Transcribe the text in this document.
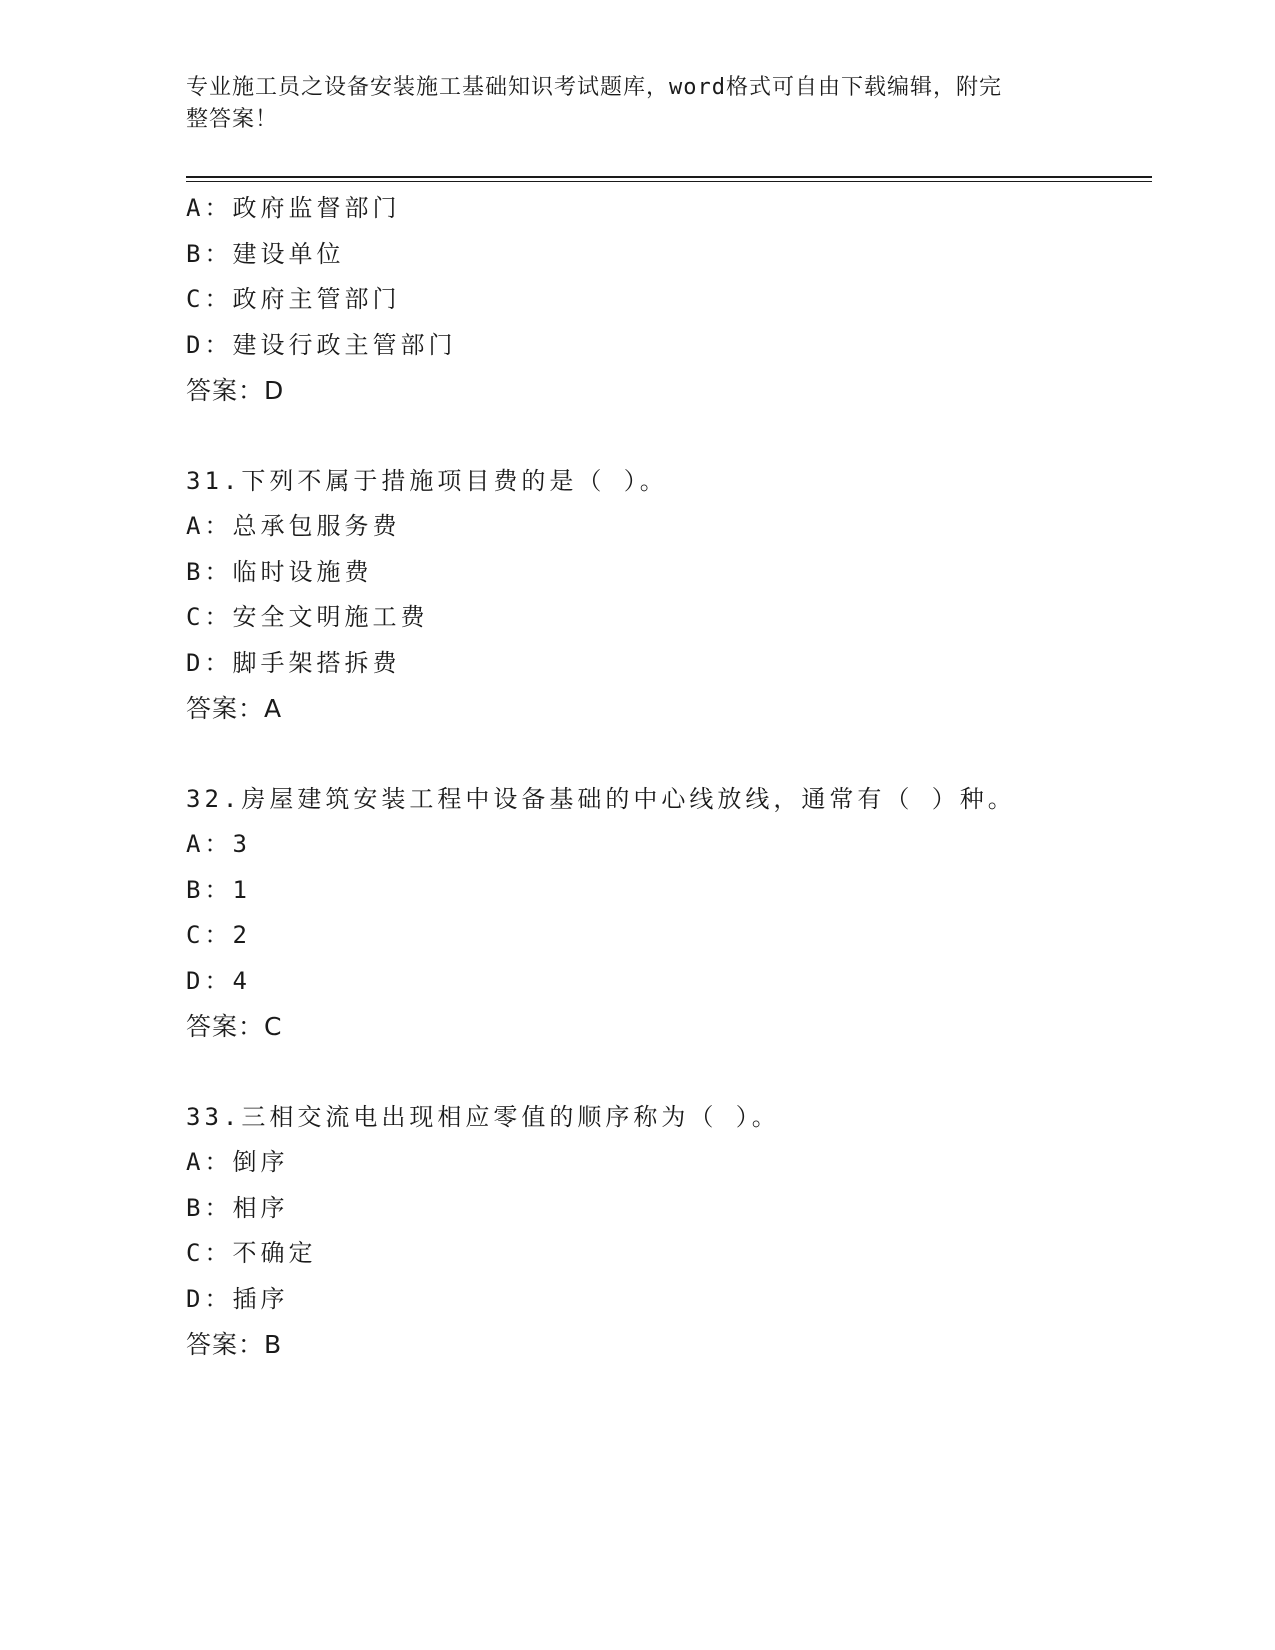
专业施工员之设备安装施工基础知识考试题库，word格式可自由下载编辑，附完
整答案！
A：政府监督部门
B：建设单位
C：政府主管部门
D：建设行政主管部门
答案：D
31.下列不属于措施项目费的是（ ）。
A：总承包服务费
B：临时设施费
C：安全文明施工费
D：脚手架搭拆费
答案：A
32.房屋建筑安装工程中设备基础的中心线放线，通常有（ ）种。
A：3
B：1
C：2
D：4
答案：C
33.三相交流电出现相应零值的顺序称为（ ）。
A：倒序
B：相序
C：不确定
D：插序
答案：B
